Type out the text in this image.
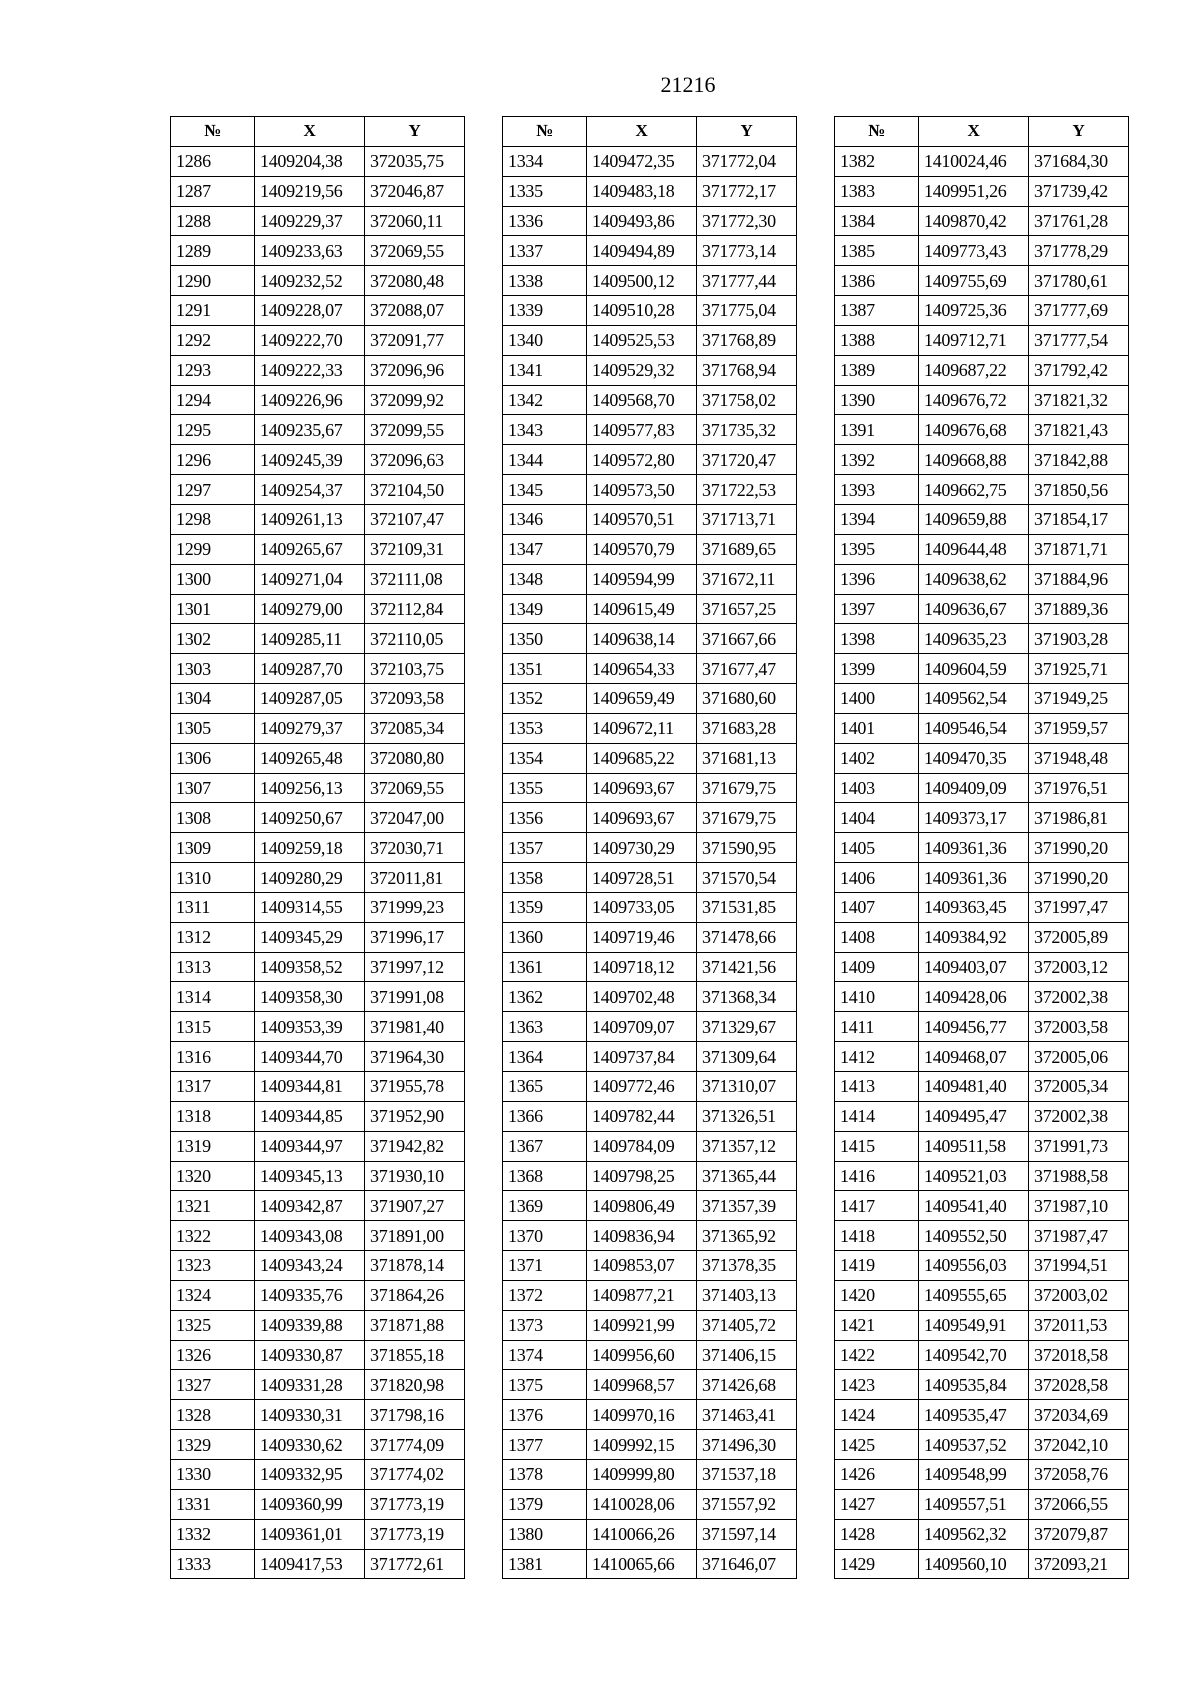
21216
№	X	Y
1286	1409204,38	372035,75
1287	1409219,56	372046,87
1288	1409229,37	372060,11
1289	1409233,63	372069,55
1290	1409232,52	372080,48
1291	1409228,07	372088,07
1292	1409222,70	372091,77
1293	1409222,33	372096,96
1294	1409226,96	372099,92
1295	1409235,67	372099,55
1296	1409245,39	372096,63
1297	1409254,37	372104,50
1298	1409261,13	372107,47
1299	1409265,67	372109,31
1300	1409271,04	372111,08
1301	1409279,00	372112,84
1302	1409285,11	372110,05
1303	1409287,70	372103,75
1304	1409287,05	372093,58
1305	1409279,37	372085,34
1306	1409265,48	372080,80
1307	1409256,13	372069,55
1308	1409250,67	372047,00
1309	1409259,18	372030,71
1310	1409280,29	372011,81
1311	1409314,55	371999,23
1312	1409345,29	371996,17
1313	1409358,52	371997,12
1314	1409358,30	371991,08
1315	1409353,39	371981,40
1316	1409344,70	371964,30
1317	1409344,81	371955,78
1318	1409344,85	371952,90
1319	1409344,97	371942,82
1320	1409345,13	371930,10
1321	1409342,87	371907,27
1322	1409343,08	371891,00
1323	1409343,24	371878,14
1324	1409335,76	371864,26
1325	1409339,88	371871,88
1326	1409330,87	371855,18
1327	1409331,28	371820,98
1328	1409330,31	371798,16
1329	1409330,62	371774,09
1330	1409332,95	371774,02
1331	1409360,99	371773,19
1332	1409361,01	371773,19
1333	1409417,53	371772,61
№	X	Y
1334	1409472,35	371772,04
1335	1409483,18	371772,17
1336	1409493,86	371772,30
1337	1409494,89	371773,14
1338	1409500,12	371777,44
1339	1409510,28	371775,04
1340	1409525,53	371768,89
1341	1409529,32	371768,94
1342	1409568,70	371758,02
1343	1409577,83	371735,32
1344	1409572,80	371720,47
1345	1409573,50	371722,53
1346	1409570,51	371713,71
1347	1409570,79	371689,65
1348	1409594,99	371672,11
1349	1409615,49	371657,25
1350	1409638,14	371667,66
1351	1409654,33	371677,47
1352	1409659,49	371680,60
1353	1409672,11	371683,28
1354	1409685,22	371681,13
1355	1409693,67	371679,75
1356	1409693,67	371679,75
1357	1409730,29	371590,95
1358	1409728,51	371570,54
1359	1409733,05	371531,85
1360	1409719,46	371478,66
1361	1409718,12	371421,56
1362	1409702,48	371368,34
1363	1409709,07	371329,67
1364	1409737,84	371309,64
1365	1409772,46	371310,07
1366	1409782,44	371326,51
1367	1409784,09	371357,12
1368	1409798,25	371365,44
1369	1409806,49	371357,39
1370	1409836,94	371365,92
1371	1409853,07	371378,35
1372	1409877,21	371403,13
1373	1409921,99	371405,72
1374	1409956,60	371406,15
1375	1409968,57	371426,68
1376	1409970,16	371463,41
1377	1409992,15	371496,30
1378	1409999,80	371537,18
1379	1410028,06	371557,92
1380	1410066,26	371597,14
1381	1410065,66	371646,07
№	X	Y
1382	1410024,46	371684,30
1383	1409951,26	371739,42
1384	1409870,42	371761,28
1385	1409773,43	371778,29
1386	1409755,69	371780,61
1387	1409725,36	371777,69
1388	1409712,71	371777,54
1389	1409687,22	371792,42
1390	1409676,72	371821,32
1391	1409676,68	371821,43
1392	1409668,88	371842,88
1393	1409662,75	371850,56
1394	1409659,88	371854,17
1395	1409644,48	371871,71
1396	1409638,62	371884,96
1397	1409636,67	371889,36
1398	1409635,23	371903,28
1399	1409604,59	371925,71
1400	1409562,54	371949,25
1401	1409546,54	371959,57
1402	1409470,35	371948,48
1403	1409409,09	371976,51
1404	1409373,17	371986,81
1405	1409361,36	371990,20
1406	1409361,36	371990,20
1407	1409363,45	371997,47
1408	1409384,92	372005,89
1409	1409403,07	372003,12
1410	1409428,06	372002,38
1411	1409456,77	372003,58
1412	1409468,07	372005,06
1413	1409481,40	372005,34
1414	1409495,47	372002,38
1415	1409511,58	371991,73
1416	1409521,03	371988,58
1417	1409541,40	371987,10
1418	1409552,50	371987,47
1419	1409556,03	371994,51
1420	1409555,65	372003,02
1421	1409549,91	372011,53
1422	1409542,70	372018,58
1423	1409535,84	372028,58
1424	1409535,47	372034,69
1425	1409537,52	372042,10
1426	1409548,99	372058,76
1427	1409557,51	372066,55
1428	1409562,32	372079,87
1429	1409560,10	372093,21
